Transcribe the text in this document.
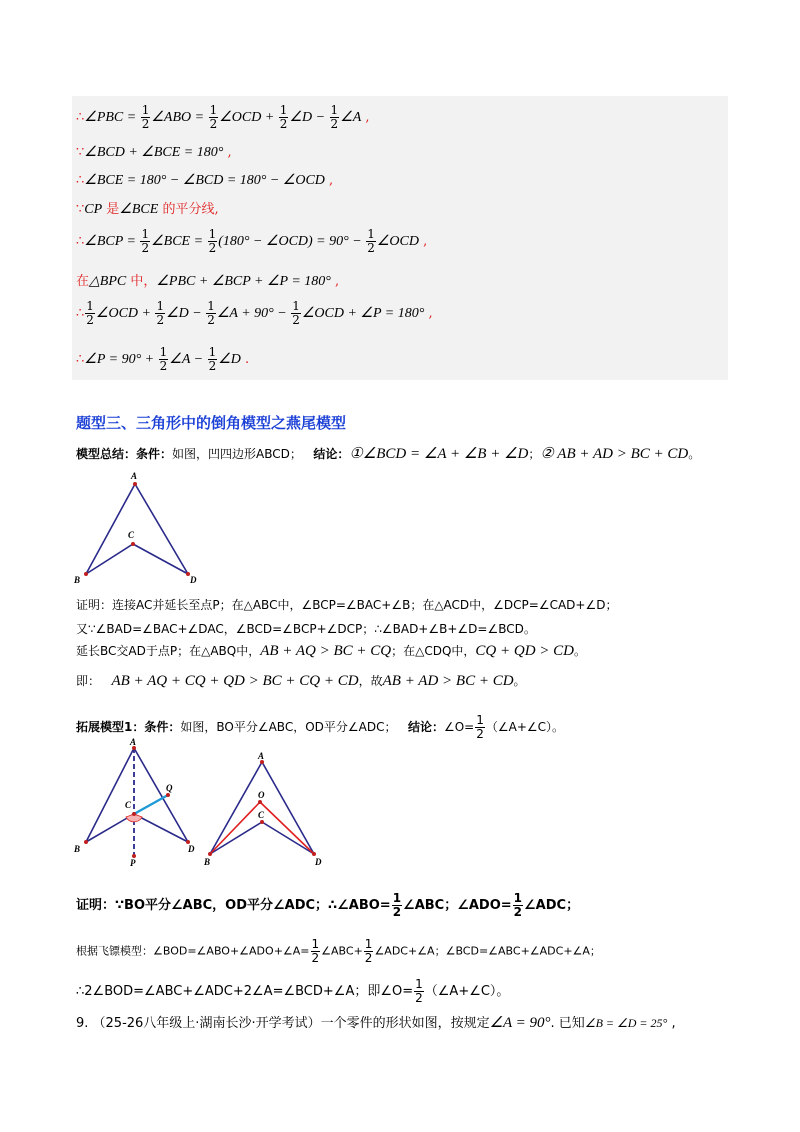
∴∠PBC = $\frac{1}{2}$ ∠ABO = $\frac{1}{2}$ ∠OCD + $\frac{1}{2}$ ∠D − $\frac{1}{2}$ ∠A ,
∵∠BCD + ∠BCE = 180° ,
∴∠BCE = 180° − ∠BCD = 180° − ∠OCD ,
∵CP 是∠BCE 的平分线,
∴∠BCP = $\frac{1}{2}$ ∠BCE = $\frac{1}{2} (180^\circ$ − ∠OCD) = $90^\circ - \frac{1}{2}$ ∠OCD ,
在△BPC 中，∠PBC + ∠BCP + ∠P = 180° ,
∴ $\frac{1}{2}$ ∠OCD + $\frac{1}{2}$ ∠D − $\frac{1}{2}$ ∠A + $90^\circ - \frac{1}{2}$ ∠OCD + ∠P = 180° ,
∴∠P = $90^\circ + \frac{1}{2}$ ∠A − $\frac{1}{2}$ ∠D .
题型三、三角形中的倒角模型之燕尾模型
模型总结：条件：如图，凹四边形ABCD； 结论：①∠BCD = ∠A + ∠B + ∠D；② AB + AD > BC + CD。
A
B	D
C
证明：连接AC并延长至点P；在△ABC中，∠BCP=∠BAC+∠B；在△ACD中，∠DCP=∠CAD+∠D；
又∵∠BAD=∠BAC+∠DAC，∠BCD=∠BCP+∠DCP；∴∠BAD+∠B+∠D=∠BCD。
延长BC交AD于点P；在△ABQ中，AB + AQ > BC + CQ；在△CDQ中，CQ + QD > CD。
即： AB + AQ + CQ + QD > BC + CQ + CD，故AB + AD > BC + CD。
拓展模型1：条件：如图，BO平分∠ABC，OD平分∠ADC； 结论：∠O= $\frac{1}{2}$ （∠A+∠C）。
A
B	D
C
P
Q
A
B	D
C
O
证明：∵BO平分∠ABC，OD平分∠ADC；∴∠ABO= $\frac{1}{2}$ ∠ABC；∠ADO= $\frac{1}{2}$ ∠ADC；
根据飞镖模型：∠BOD=∠ABO+∠ADO+∠A= $\frac{1}{2}$ ∠ABC+ $\frac{1}{2}$ ∠ADC+∠A；∠BCD=∠ABC+∠ADC+∠A；
∴2∠BOD=∠ABC+∠ADC+2∠A=∠BCD+∠A；即∠O= $\frac{1}{2}$ （∠A+∠C）。
9. （25-26八年级上·湖南长沙·开学考试）一个零件的形状如图，按规定∠A = 90°. 已知∠B = ∠D = 25° ,
